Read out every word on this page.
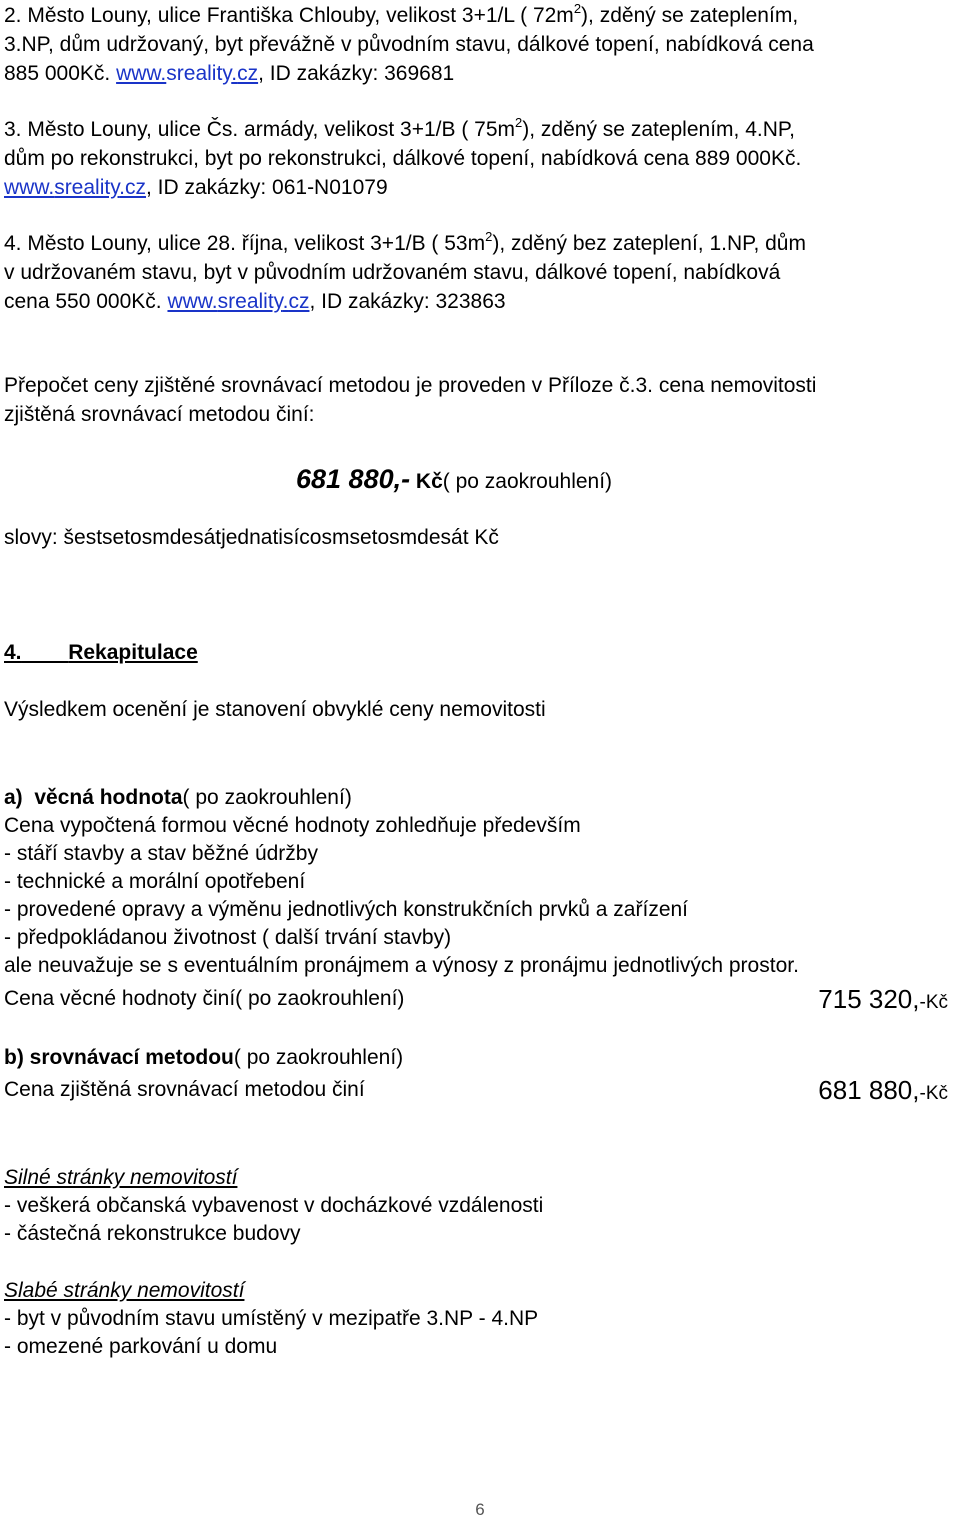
2. Město Louny, ulice Františka Chlouby, velikost 3+1/L ( $72m^2$), zděný se zateplením,
3.NP, dům udržovaný, byt převážně v původním stavu, dálkové topení, nabídková cena
885 000Kč. www.sreality.cz, ID zakázky: 369681
3. Město Louny, ulice Čs. armády, velikost 3+1/B ( $75m^2$), zděný se zateplením, 4.NP,
dům po rekonstrukci, byt po rekonstrukci, dálkové topení, nabídková cena 889 000Kč.
www.sreality.cz, ID zakázky: 061-N01079
4. Město Louny, ulice 28. října, velikost 3+1/B ( $53m^2$), zděný bez zateplení, 1.NP, dům
v udržovaném stavu, byt v původním udržovaném stavu, dálkové topení, nabídková
cena 550 000Kč. www.sreality.cz, ID zakázky: 323863
Přepočet ceny zjištěné srovnávací metodou je proveden v Příloze č.3. cena nemovitosti
zjištěná srovnávací metodou činí:
681 880,- Kč( po zaokrouhlení)
slovy: šestsetosmdesátjednatisícosmsetosmdesát Kč
4. Rekapitulace
Výsledkem ocenění je stanovení obvyklé ceny nemovitosti
a)  věcná hodnota( po zaokrouhlení)
Cena vypočtená formou věcné hodnoty zohledňuje především
- stáří stavby a stav běžné údržby
- technické a morální opotřebení
- provedené opravy a výměnu jednotlivých konstrukčních prvků a zařízení
- předpokládanou životnost ( další trvání stavby)
ale neuvažuje se s eventuálním pronájmem a výnosy z pronájmu jednotlivých prostor.
Cena věcné hodnoty činí( po zaokrouhlení)	715 320,-Kč
b) srovnávací metodou( po zaokrouhlení)
Cena zjištěná srovnávací metodou činí	681 880,-Kč
Silné stránky nemovitostí
- veškerá občanská vybavenost v docházkové vzdálenosti
- částečná rekonstrukce budovy
Slabé stránky nemovitostí
- byt v původním stavu umístěný v mezipatře 3.NP - 4.NP
- omezené parkování u domu
6
